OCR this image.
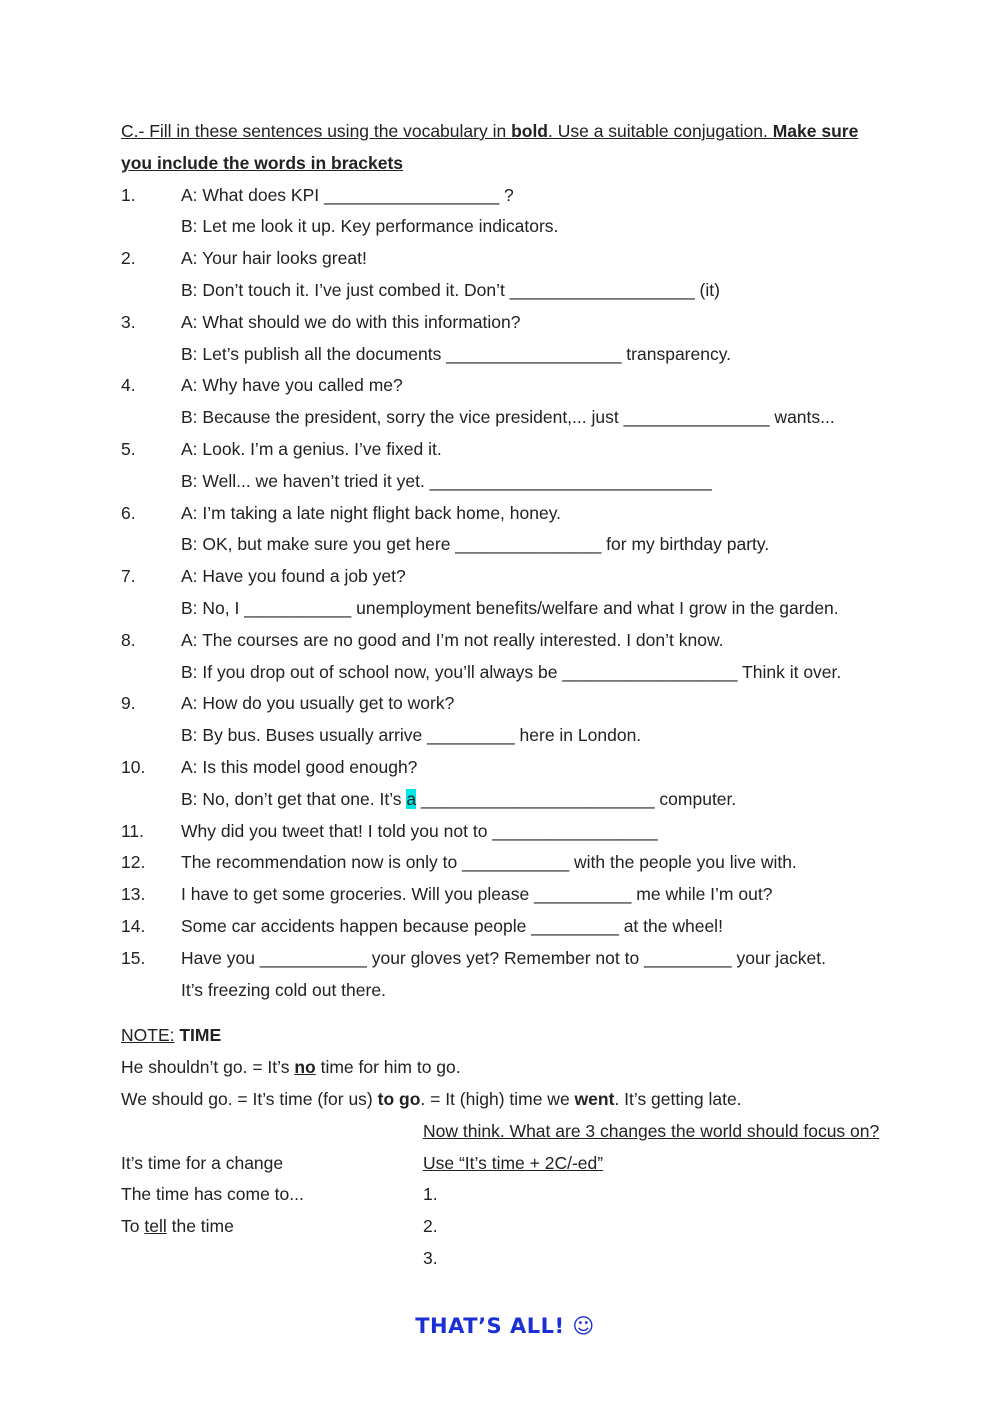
C.- Fill in these sentences using the vocabulary in bold. Use a suitable conjugation. Make sure
you include the words in brackets
1.	A: What does KPI __________________ ?
B: Let me look it up. Key performance indicators.
2.	A: Your hair looks great!
B: Don’t touch it. I’ve just combed it. Don’t ___________________ (it)
3.	A: What should we do with this information?
B: Let’s publish all the documents __________________ transparency.
4.	A: Why have you called me?
B: Because the president, sorry the vice president,... just _______________ wants...
5.	A: Look. I’m a genius. I’ve fixed it.
B: Well... we haven’t tried it yet. _____________________________
6.	A: I’m taking a late night flight back home, honey.
B: OK, but make sure you get here _______________ for my birthday party.
7.	A: Have you found a job yet?
B: No, I ___________ unemployment benefits/welfare and what I grow in the garden.
8.	A: The courses are no good and I’m not really interested. I don’t know.
B: If you drop out of school now, you’ll always be __________________ Think it over.
9.	A: How do you usually get to work?
B: By bus. Buses usually arrive _________ here in London.
10.	A: Is this model good enough?
B: No, don’t get that one. It’s a ________________________ computer.
11.	Why did you tweet that! I told you not to _________________
12.	The recommendation now is only to ___________ with the people you live with.
13.	I have to get some groceries. Will you please __________ me while I’m out?
14.	Some car accidents happen because people _________ at the wheel!
15.	Have you ___________ your gloves yet? Remember not to _________ your jacket.
It’s freezing cold out there.
NOTE: TIME
He shouldn’t go. = It’s no time for him to go.
We should go. = It’s time (for us) to go. = It (high) time we went. It’s getting late.
Now think. What are 3 changes the world should focus on?
It’s time for a change	Use “It’s time + 2C/-ed”
The time has come to...	1.
To tell the time	2.
3.
THAT’S ALL! ☺
